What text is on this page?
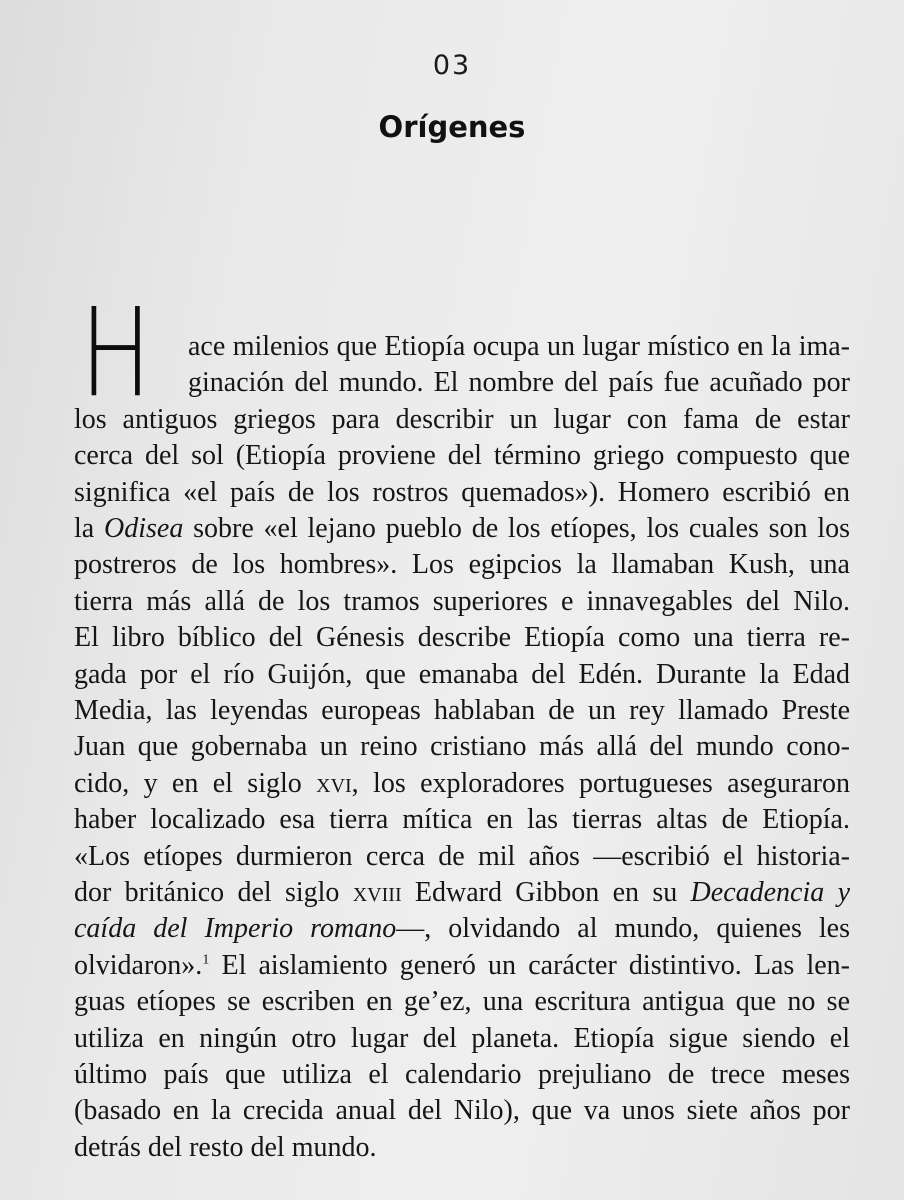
03
Orígenes
H ace milenios que Etiopía ocupa un lugar místico en la ima-
ginación del mundo. El nombre del país fue acuñado por
los antiguos griegos para describir un lugar con fama de estar
cerca del sol (Etiopía proviene del término griego compuesto que
significa «el país de los rostros quemados»). Homero escribió en
la Odisea sobre «el lejano pueblo de los etíopes, los cuales son los
postreros de los hombres». Los egipcios la llamaban Kush, una
tierra más allá de los tramos superiores e innavegables del Nilo.
El libro bíblico del Génesis describe Etiopía como una tierra re-
gada por el río Guijón, que emanaba del Edén. Durante la Edad
Media, las leyendas europeas hablaban de un rey llamado Preste
Juan que gobernaba un reino cristiano más allá del mundo cono-
cido, y en el siglo xvi, los exploradores portugueses aseguraron
haber localizado esa tierra mítica en las tierras altas de Etiopía.
«Los etíopes durmieron cerca de mil años —escribió el historia-
dor británico del siglo xviii Edward Gibbon en su Decadencia y
caída del Imperio romano—, olvidando al mundo, quienes les
olvidaron».$^1$ El aislamiento generó un carácter distintivo. Las len-
guas etíopes se escriben en ge’ez, una escritura antigua que no se
utiliza en ningún otro lugar del planeta. Etiopía sigue siendo el
último país que utiliza el calendario prejuliano de trece meses
(basado en la crecida anual del Nilo), que va unos siete años por
detrás del resto del mundo.
